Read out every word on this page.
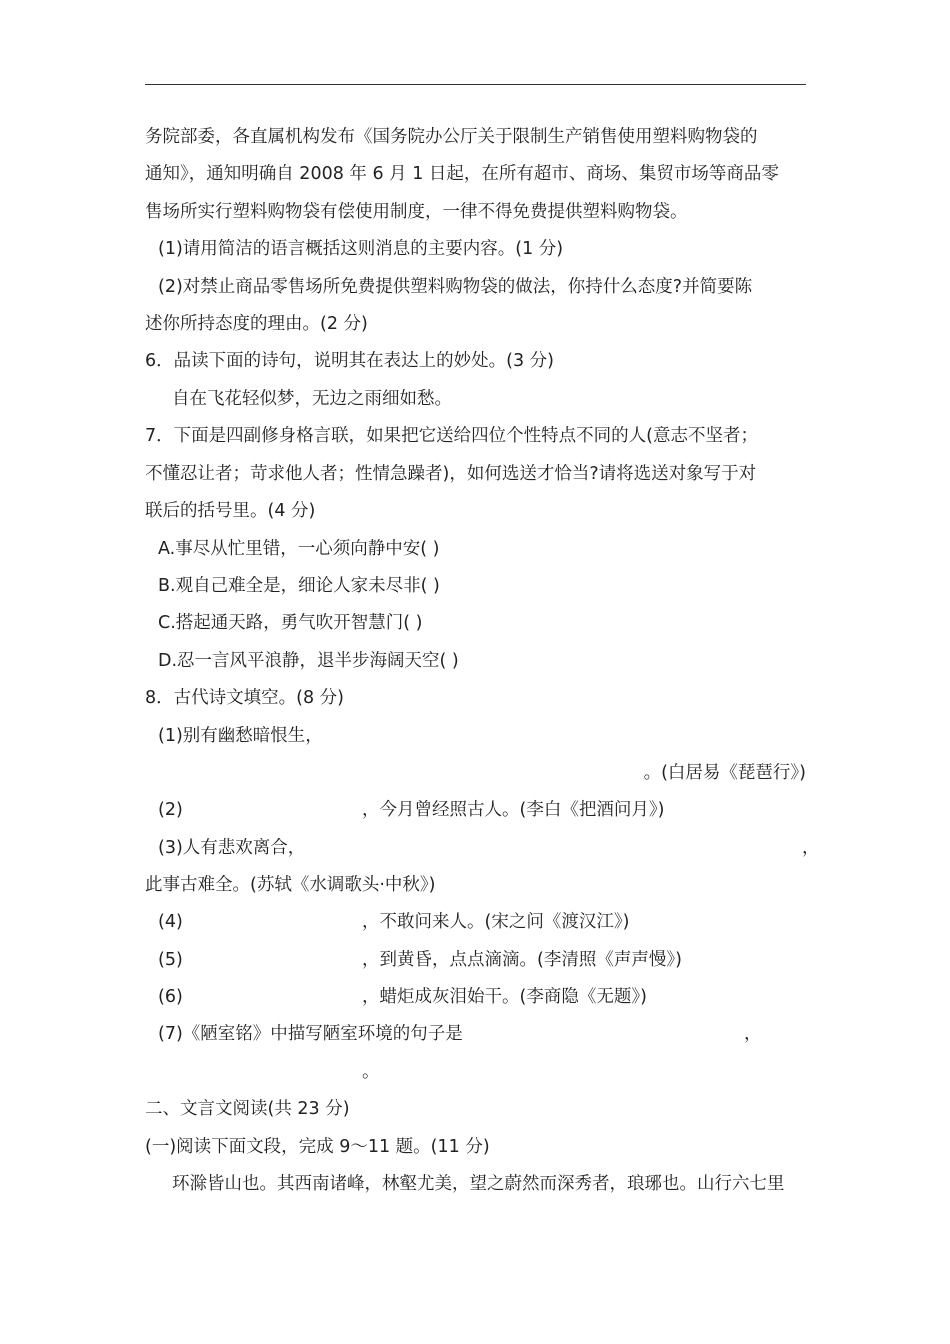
务院部委，各直属机构发布《国务院办公厅关于限制生产销售使用塑料购物袋的
通知》，通知明确自 2008 年 6 月 1 日起，在所有超市、商场、集贸市场等商品零
售场所实行塑料购物袋有偿使用制度，一律不得免费提供塑料购物袋。
(1)请用简洁的语言概括这则消息的主要内容。(1 分)
(2)对禁止商品零售场所免费提供塑料购物袋的做法，你持什么态度?并简要陈
述你所持态度的理由。(2 分)
6．品读下面的诗句，说明其在表达上的妙处。(3 分)
自在飞花轻似梦，无边之雨细如愁。
7．下面是四副修身格言联，如果把它送给四位个性特点不同的人(意志不坚者；
不懂忍让者；苛求他人者；性情急躁者)，如何选送才恰当?请将选送对象写于对
联后的括号里。(4 分)
A.事尽从忙里错，一心须向静中安( )
B.观自己难全是，细论人家未尽非( )
C.搭起通天路，勇气吹开智慧门( )
D.忍一言风平浪静，退半步海阔天空( )
8．古代诗文填空。(8 分)
(1)别有幽愁暗恨生，
。(白居易《琵琶行》)
(2)	，今月曾经照古人。(李白《把酒问月》)
(3)人有悲欢离合，	，
此事古难全。(苏轼《水调歌头·中秋》)
(4)	，不敢问来人。(宋之问《渡汉江》)
(5)	，到黄昏，点点滴滴。(李清照《声声慢》)
(6)	，蜡炬成灰泪始干。(李商隐《无题》)
(7)《陋室铭》中描写陋室环境的句子是	，
。
二、文言文阅读(共 23 分)
(一)阅读下面文段，完成 9～11 题。(11 分)
环滁皆山也。其西南诸峰，林壑尤美，望之蔚然而深秀者，琅琊也。山行六七里
